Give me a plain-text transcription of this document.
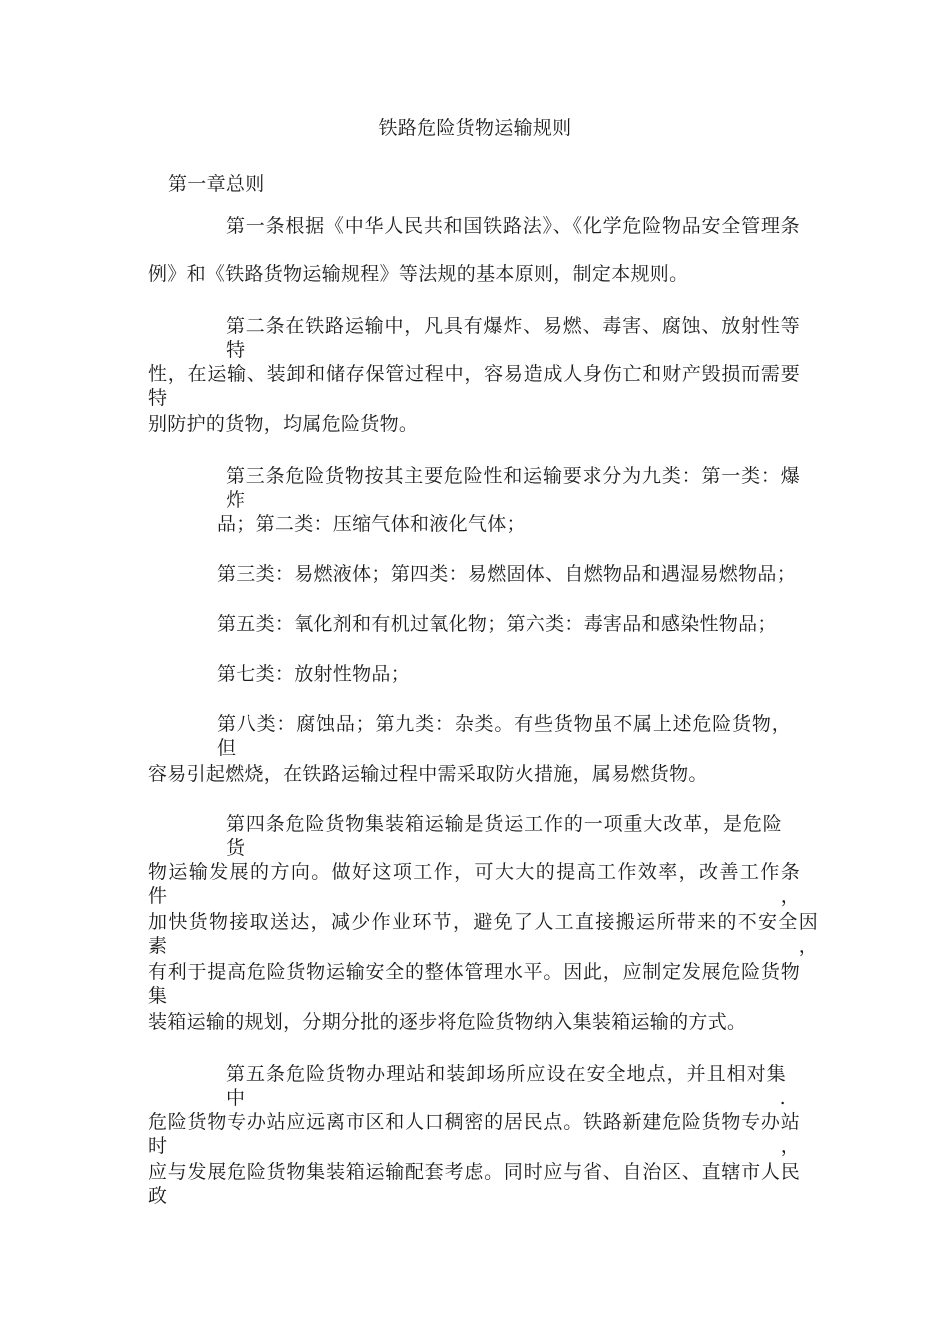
铁路危险货物运输规则
第一章总则
第一条根据《中华人民共和国铁路法》、《化学危险物品安全管理条
例》和《铁路货物运输规程》等法规的基本原则，制定本规则。
第二条在铁路运输中，凡具有爆炸、易燃、毒害、腐蚀、放射性等特
性，在运输、装卸和储存保管过程中，容易造成人身伤亡和财产毁损而需要特
别防护的货物，均属危险货物。
第三条危险货物按其主要危险性和运输要求分为九类：第一类：爆炸
品；第二类：压缩气体和液化气体；
第三类：易燃液体；第四类：易燃固体、自燃物品和遇湿易燃物品；
第五类：氧化剂和有机过氧化物；第六类：毒害品和感染性物品；
第七类：放射性物品；
第八类：腐蚀品；第九类：杂类。有些货物虽不属上述危险货物，但
容易引起燃烧，在铁路运输过程中需采取防火措施，属易燃货物。
第四条危险货物集装箱运输是货运工作的一项重大改革，是危险货
物运输发展的方向。做好这项工作，可大大的提高工作效率，改善工作条件，
加快货物接取送达，减少作业环节，避免了人工直接搬运所带来的不安全因素，
有利于提高危险货物运输安全的整体管理水平。因此，应制定发展危险货物集
装箱运输的规划，分期分批的逐步将危险货物纳入集装箱运输的方式。
第五条危险货物办理站和装卸场所应设在安全地点，并且相对集中.
危险货物专办站应远离市区和人口稠密的居民点。铁路新建危险货物专办站时，
应与发展危险货物集装箱运输配套考虑。同时应与省、自治区、直辖市人民政
